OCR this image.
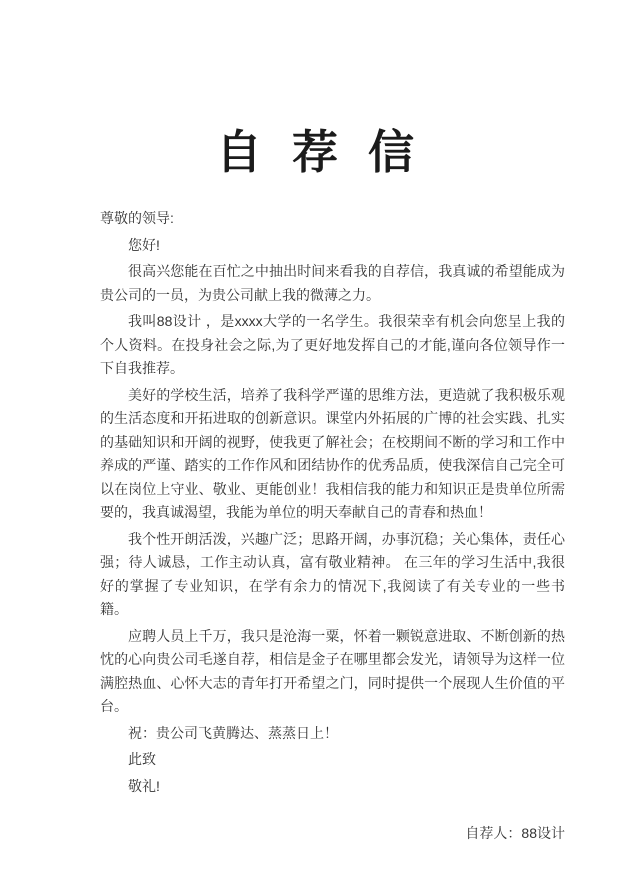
自荐信

尊敬的领导:

您好!

很高兴您能在百忙之中抽出时间来看我的自荐信，我真诚的希望能成为贵公司的一员，为贵公司献上我的微薄之力。

我叫88设计 ，是xxxx大学的一名学生。我很荣幸有机会向您呈上我的个人资料。在投身社会之际,为了更好地发挥自己的才能,谨向各位领导作一下自我推荐。

美好的学校生活，培养了我科学严谨的思维方法，更造就了我积极乐观的生活态度和开拓进取的创新意识。课堂内外拓展的广博的社会实践、扎实的基础知识和开阔的视野，使我更了解社会；在校期间不断的学习和工作中养成的严谨、踏实的工作作风和团结协作的优秀品质，使我深信自己完全可以在岗位上守业、敬业、更能创业！我相信我的能力和知识正是贵单位所需要的，我真诚渴望，我能为单位的明天奉献自己的青春和热血！

我个性开朗活泼，兴趣广泛；思路开阔，办事沉稳；关心集体，责任心强；待人诚恳，工作主动认真，富有敬业精神。 在三年的学习生活中,我很好的掌握了专业知识，在学有余力的情况下,我阅读了有关专业的一些书籍。

应聘人员上千万，我只是沧海一粟，怀着一颗锐意进取、不断创新的热忱的心向贵公司毛遂自荐，相信是金子在哪里都会发光，请领导为这样一位满腔热血、心怀大志的青年打开希望之门，同时提供一个展现人生价值的平台。

祝：贵公司飞黄腾达、蒸蒸日上！

此致

敬礼!

自荐人：88设计
